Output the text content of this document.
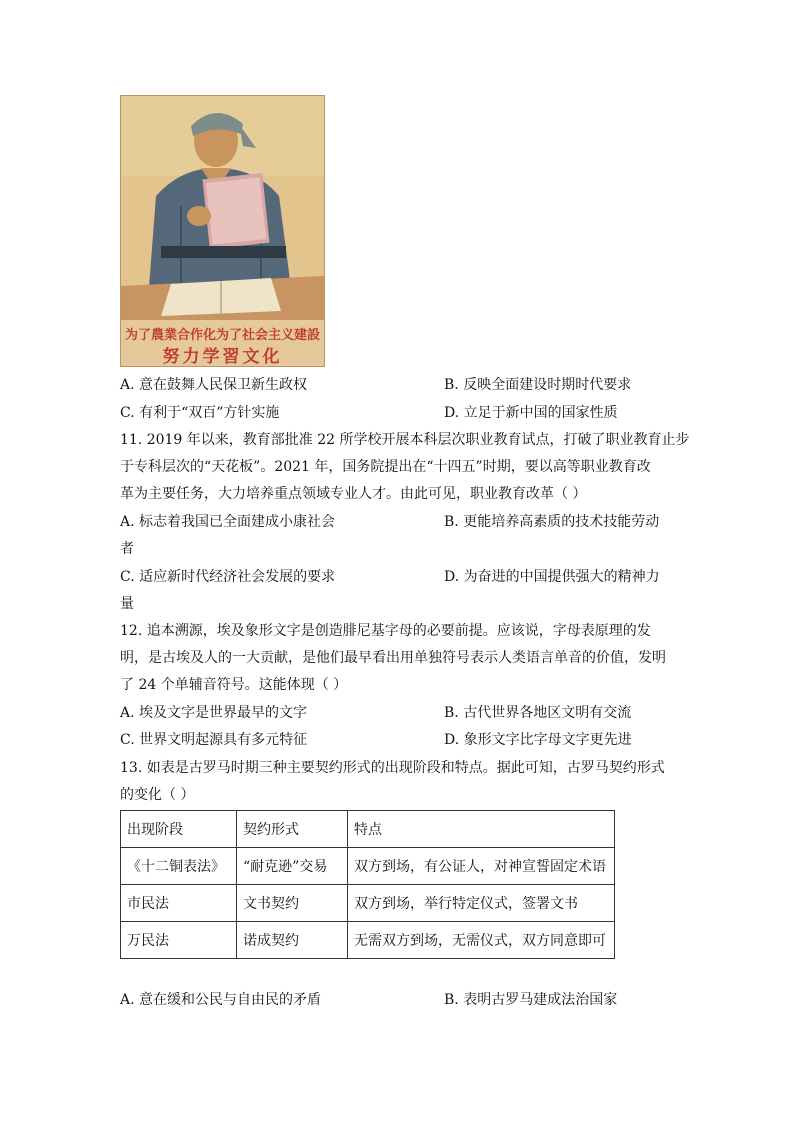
为了農業合作化为了社会主义建設
努力学習文化
A. 意在鼓舞人民保卫新生政权	B. 反映全面建设时期时代要求
C. 有利于“双百”方针实施	D. 立足于新中国的国家性质
11. 2019 年以来，教育部批准 22 所学校开展本科层次职业教育试点，打破了职业教育止步
于专科层次的“天花板”。2021 年，国务院提出在“十四五”时期，要以高等职业教育改
革为主要任务，大力培养重点领域专业人才。由此可见，职业教育改革（ ）
A. 标志着我国已全面建成小康社会	B. 更能培养高素质的技术技能劳动
者
C. 适应新时代经济社会发展的要求	D. 为奋进的中国提供强大的精神力
量
12. 追本溯源，埃及象形文字是创造腓尼基字母的必要前提。应该说，字母表原理的发
明，是古埃及人的一大贡献，是他们最早看出用单独符号表示人类语言单音的价值，发明
了 24 个单辅音符号。这能体现（ ）
A. 埃及文字是世界最早的文字	B. 古代世界各地区文明有交流
C. 世界文明起源具有多元特征	D. 象形文字比字母文字更先进
13. 如表是古罗马时期三种主要契约形式的出现阶段和特点。据此可知，古罗马契约形式
的变化（ ）
出现阶段	契约形式	特点
《十二铜表法》	“耐克逊”交易	双方到场，有公证人，对神宣誓固定术语
市民法	文书契约	双方到场，举行特定仪式，签署文书
万民法	诺成契约	无需双方到场，无需仪式，双方同意即可
A. 意在缓和公民与自由民的矛盾	B. 表明古罗马建成法治国家
